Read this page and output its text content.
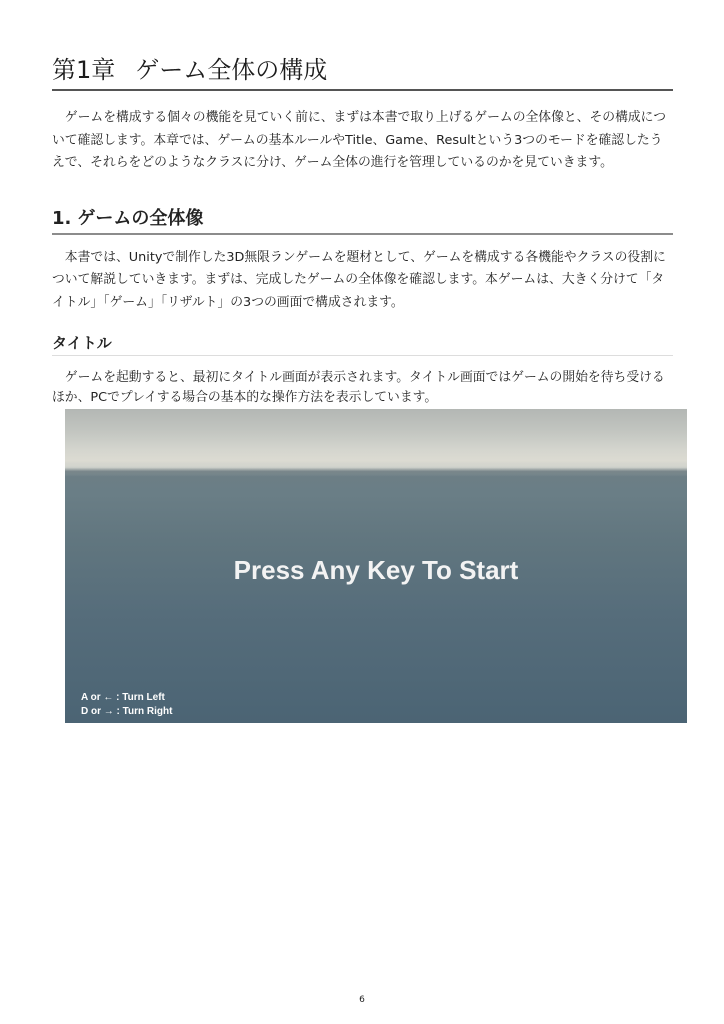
第1章 ゲーム全体の構成

ゲームを構成する個々の機能を見ていく前に、まずは本書で取り上げるゲームの全体像と、その構成について確認します。本章では、ゲームの基本ルールやTitle、Game、Resultという3つのモードを確認したうえで、それらをどのようなクラスに分け、ゲーム全体の進行を管理しているのかを見ていきます。

1. ゲームの全体像

本書では、Unityで制作した3D無限ランゲームを題材として、ゲームを構成する各機能やクラスの役割について解説していきます。まずは、完成したゲームの全体像を確認します。本ゲームは、大きく分けて「タイトル」「ゲーム」「リザルト」の3つの画面で構成されます。

タイトル

ゲームを起動すると、最初にタイトル画面が表示されます。タイトル画面ではゲームの開始を待ち受けるほか、PCでプレイする場合の基本的な操作方法を表示しています。

Press Any Key To Start
A or ← : Turn Left
D or → : Turn Right
6
